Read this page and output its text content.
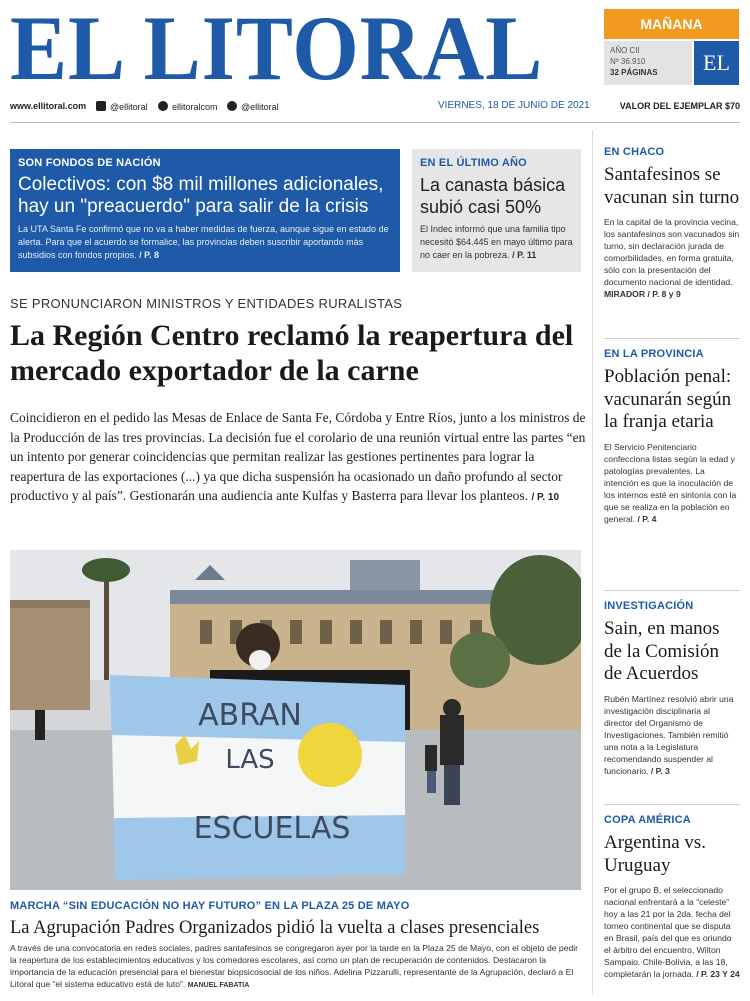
EL LITORAL	MAÑANA
AÑO CII
Nº 36.910
32 PÁGINAS	EL
www.ellitoral.com	@ellitoral	ellitoralcom	@ellitoral	VIERNES, 18 DE JUNIO DE 2021	VALOR DEL EJEMPLAR $70
SON FONDOS DE NACIÓN
Colectivos: con $8 mil millones adicionales, hay un "preacuerdo" para salir de la crisis

La UTA Santa Fe confirmó que no va a haber medidas de fuerza, aunque sigue en estado de alerta. Para que el acuerdo se formalice, las provincias deben suscribir aportando más subsidios con fondos propios. / P. 8

EN EL ÚLTIMO AÑO
La canasta básica subió casi 50%

El Indec informó que una familia tipo necesitó $64.445 en mayo último para no caer en la pobreza. / P. 11

SE PRONUNCIARON MINISTROS Y ENTIDADES RURALISTAS
La Región Centro reclamó la reapertura del mercado exportador de la carne
Coincidieron en el pedido las Mesas de Enlace de Santa Fe, Córdoba y Entre Ríos, junto a los ministros de la Producción de las tres provincias. La decisión fue el corolario de una reunión virtual entre las partes “en un intento por generar coincidencias que permitan realizar las gestiones pertinentes para lograr la reapertura de las exportaciones (...) ya que dicha suspensión ha ocasionado un daño profundo al sector productivo y al país”. Gestionarán una audiencia ante Kulfas y Basterra para llevar los planteos. / P. 10
ABRAN
LAS
ESCUELAS
MARCHA “SIN EDUCACIÓN NO HAY FUTURO” EN LA PLAZA 25 DE MAYO
La Agrupación Padres Organizados pidió la vuelta a clases presenciales
A través de una convocatoria en redes sociales, padres santafesinos se congregaron ayer por la tarde en la Plaza 25 de Mayo, con el objeto de pedir la reapertura de los establecimientos educativos y los comedores escolares, así como un plan de recuperación de contenidos. Destacaron la importancia de la educación presencial para el bienestar biopsicosocial de los niños. Adelina Pizzarulli, representante de la Agrupación, declaró a El Litoral que “el sistema educativo está de luto”. MANUEL FABATIA
EN CHACO
Santafesinos se vacunan sin turno

En la capital de la provincia vecina, los santafesinos son vacunados sin turno, sin declaración jurada de comorbilidades, en forma gratuita, sólo con la presentación del documento nacional de identidad. MIRADOR / P. 8 y 9

EN LA PROVINCIA
Población penal: vacunarán según la franja etaria

El Servicio Penitenciario confecciona listas según la edad y patologías prevalentes. La intención es que la inoculación de los internos esté en sintonía con la que se realiza en la población en general. / P. 4

INVESTIGACIÓN
Sain, en manos de la Comisión de Acuerdos

Rubén Martínez resolvió abrir una investigación disciplinaria al director del Organismo de Investigaciones. También remitió una nota a la Legislatura recomendando suspender al funcionario. / P. 3

COPA AMÉRICA
Argentina vs. Uruguay

Por el grupo B, el seleccionado nacional enfrentará a la “celeste” hoy a las 21 por la 2da. fecha del torneo continental que se disputa en Brasil, país del que es oriundo el árbitro del encuentro, Wilton Sampaio. Chile-Bolivia, a las 18, completarán la jornada. / P. 23 Y 24
